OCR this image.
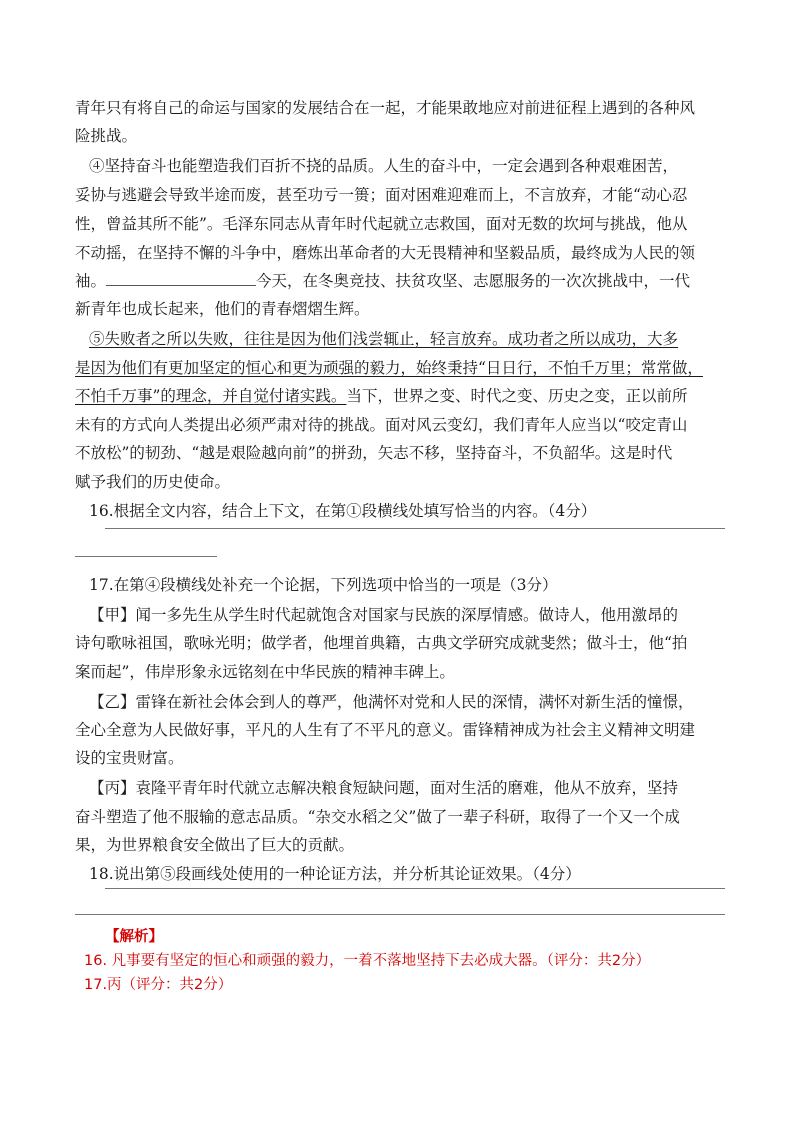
青年只有将自己的命运与国家的发展结合在一起，才能果敢地应对前进征程上遇到的各种风
险挑战。
④坚持奋斗也能塑造我们百折不挠的品质。人生的奋斗中，一定会遇到各种艰难困苦，
妥协与逃避会导致半途而废，甚至功亏一篑；面对困难迎难而上，不言放弃，才能“动心忍
性，曾益其所不能”。毛泽东同志从青年时代起就立志救国，面对无数的坎坷与挑战，他从
不动摇，在坚持不懈的斗争中，磨炼出革命者的大无畏精神和坚毅品质，最终成为人民的领
袖。	今天，在冬奥竞技、扶贫攻坚、志愿服务的一次次挑战中，一代
新青年也成长起来，他们的青春熠熠生辉。
⑤失败者之所以失败，往往是因为他们浅尝辄止，轻言放弃。成功者之所以成功，大多
是因为他们有更加坚定的恒心和更为顽强的毅力，始终秉持“日日行，不怕千万里；常常做，
不怕千万事”的理念，并自觉付诸实践。当下，世界之变、时代之变、历史之变，正以前所
未有的方式向人类提出必须严肃对待的挑战。面对风云变幻，我们青年人应当以“咬定青山
不放松”的韧劲、“越是艰险越向前”的拼劲，矢志不移，坚持奋斗，不负韶华。这是时代
赋予我们的历史使命。
16.根据全文内容，结合上下文，在第①段横线处填写恰当的内容。（4分）
17.在第④段横线处补充一个论据，下列选项中恰当的一项是（3分）
【甲】闻一多先生从学生时代起就饱含对国家与民族的深厚情感。做诗人，他用激昂的
诗句歌咏祖国，歌咏光明；做学者，他埋首典籍，古典文学研究成就斐然；做斗士，他“拍
案而起”，伟岸形象永远铭刻在中华民族的精神丰碑上。
【乙】雷锋在新社会体会到人的尊严，他满怀对党和人民的深情，满怀对新生活的憧憬，
全心全意为人民做好事，平凡的人生有了不平凡的意义。雷锋精神成为社会主义精神文明建
设的宝贵财富。
【丙】袁隆平青年时代就立志解决粮食短缺问题，面对生活的磨难，他从不放弃，坚持
奋斗塑造了他不服输的意志品质。“杂交水稻之父”做了一辈子科研，取得了一个又一个成
果，为世界粮食安全做出了巨大的贡献。
18.说出第⑤段画线处使用的一种论证方法，并分析其论证效果。（4分）
【解析】
16. 凡事要有坚定的恒心和顽强的毅力，一着不落地坚持下去必成大器。（评分：共2分）
17.丙（评分：共2分）
